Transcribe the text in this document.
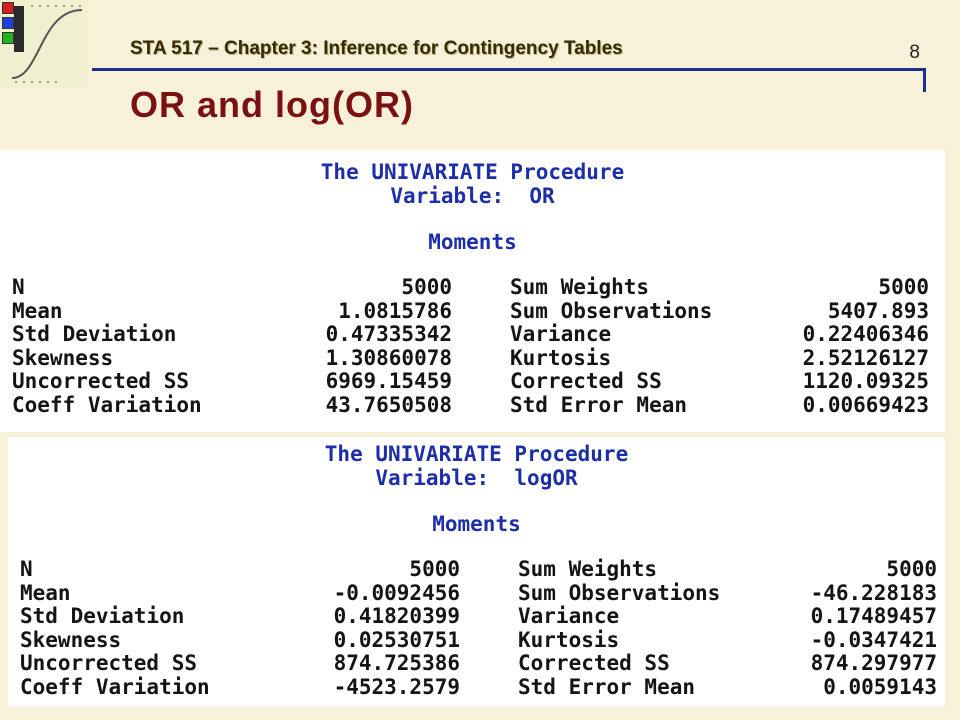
STA 517 – Chapter 3: Inference for Contingency Tables	8
OR and log(OR)
The UNIVARIATE Procedure
Variable:  OR
Moments
N	5000	Sum Weights	5000
Mean	1.0815786	Sum Observations	5407.893
Std Deviation	0.47335342	Variance	0.22406346
Skewness	1.30860078	Kurtosis	2.52126127
Uncorrected SS	6969.15459	Corrected SS	1120.09325
Coeff Variation	43.7650508	Std Error Mean	0.00669423
The UNIVARIATE Procedure
Variable:  logOR
Moments
N	5000	Sum Weights	5000
Mean	-0.0092456	Sum Observations	-46.228183
Std Deviation	0.41820399	Variance	0.17489457
Skewness	0.02530751	Kurtosis	-0.0347421
Uncorrected SS	874.725386	Corrected SS	874.297977
Coeff Variation	-4523.2579	Std Error Mean	0.0059143
